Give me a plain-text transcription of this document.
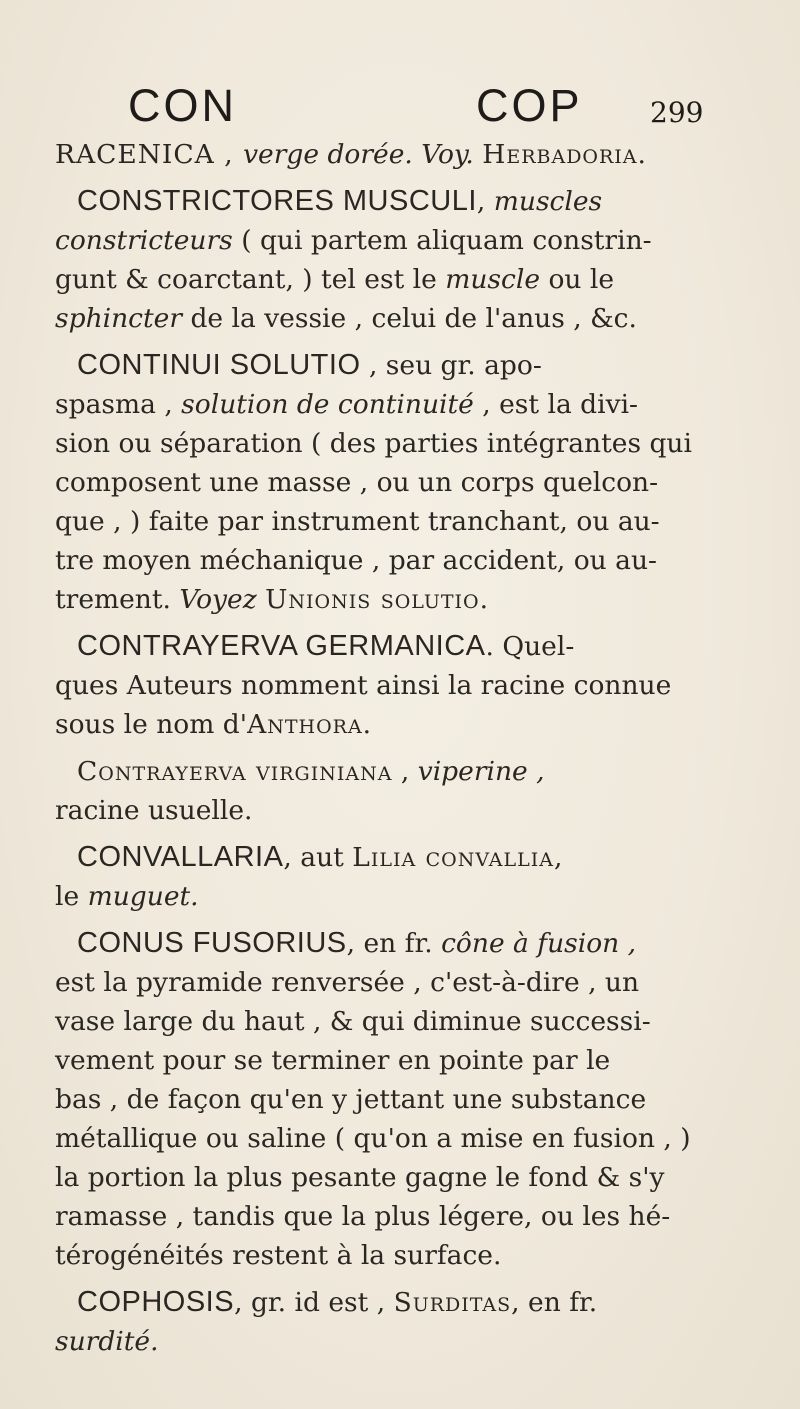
CON	COP 299
RACENICA , verge dorée. Voy. Herbadoria.
CONSTRICTORES MUSCULI, muscles
constricteurs ( qui partem aliquam constrin-
gunt & coarctant, ) tel est le muscle ou le
sphincter de la vessie , celui de l'anus , &c.
CONTINUI SOLUTIO , seu gr. apo-
spasma , solution de continuité , est la divi-
sion ou séparation ( des parties intégrantes qui
composent une masse , ou un corps quelcon-
que , ) faite par instrument tranchant, ou au-
tre moyen méchanique , par accident, ou au-
trement. Voyez Unionis solutio.
CONTRAYERVA GERMANICA. Quel-
ques Auteurs nomment ainsi la racine connue
sous le nom d'Anthora.
Contrayerva virginiana , viperine ,
racine usuelle.
CONVALLARIA, aut Lilia convallia,
le muguet.
CONUS FUSORIUS, en fr. cône à fusion ,
est la pyramide renversée , c'est-à-dire , un
vase large du haut , & qui diminue successi-
vement pour se terminer en pointe par le
bas , de façon qu'en y jettant une substance
métallique ou saline ( qu'on a mise en fusion , )
la portion la plus pesante gagne le fond & s'y
ramasse , tandis que la plus légere, ou les hé-
térogénéités restent à la surface.
COPHOSIS, gr. id est , Surditas, en fr.
surdité.
